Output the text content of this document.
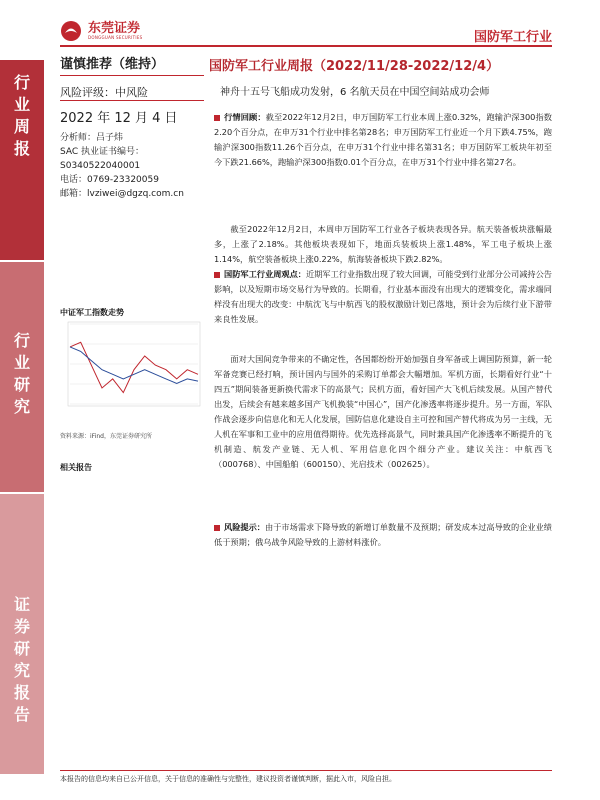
东莞证券
DONGGUAN SECURITIES	国防军工行业
行
业
周
报
行
业
研
究
证
券
研
究
报
告
谨慎推荐（维持）
风险评级：中风险
2022 年 12 月 4 日
分析师：吕子炜
SAC 执业证书编号：
S0340522040001
电话：0769-23320059
邮箱：lvziwei@dgzq.com.cn
中证军工指数走势
资料来源：iFind，东莞证券研究所
相关报告
国防军工行业周报（2022/11/28-2022/12/4）
神舟十五号飞船成功发射，6 名航天员在中国空间站成功会师
行情回顾：截至2022年12月2日，申万国防军工行业本周上涨0.32%，跑输沪深300指数2.20个百分点，在申万31个行业中排名第28名；申万国防军工行业近一个月下跌4.75%，跑输沪深300指数11.26个百分点，在申万31个行业中排名第31名；申万国防军工板块年初至今下跌21.66%，跑输沪深300指数0.01个百分点，在申万31个行业中排名第27名。
截至2022年12月2日，本周申万国防军工行业各子板块表现各异。航天装备板块涨幅最多，上涨了2.18%。其他板块表现如下，地面兵装板块上涨1.48%，军工电子板块上涨1.14%，航空装备板块上涨0.22%，航海装备板块下跌2.82%。
国防军工行业周观点：近期军工行业指数出现了较大回调，可能受到行业部分公司减持公告影响，以及短期市场交易行为导致的。长期看，行业基本面没有出现大的逻辑变化，需求端同样没有出现大的改变：中航沈飞与中航西飞的股权激励计划已落地，预计会为后续行业下游带来良性发展。
面对大国间竞争带来的不确定性，各国都纷纷开始加强自身军备或上调国防预算，新一轮军备竞赛已经打响，预计国内与国外的采购订单都会大幅增加。军机方面，长期看好行业“十四五”期间装备更新换代需求下的高景气；民机方面，看好国产大飞机后续发展。从国产替代出发，后续会有越来越多国产飞机换装“中国心”，国产化渗透率将逐步提升。另一方面，军队作战会逐步向信息化和无人化发展，国防信息化建设自主可控和国产替代将成为另一主线，无人机在军事和工业中的应用值得期待。优先选择高景气，同时兼具国产化渗透率不断提升的飞机制造、航发产业链、无人机、军用信息化四个细分产业。建议关注：中航西飞（000768）、中国船舶（600150）、光启技术（002625）。
风险提示：由于市场需求下降导致的新增订单数量不及预期；研发成本过高导致的企业业绩低于预期；俄乌战争风险导致的上游材料涨价。
本报告的信息均来自已公开信息，关于信息的准确性与完整性，建议投资者谨慎判断，据此入市，风险自担。
